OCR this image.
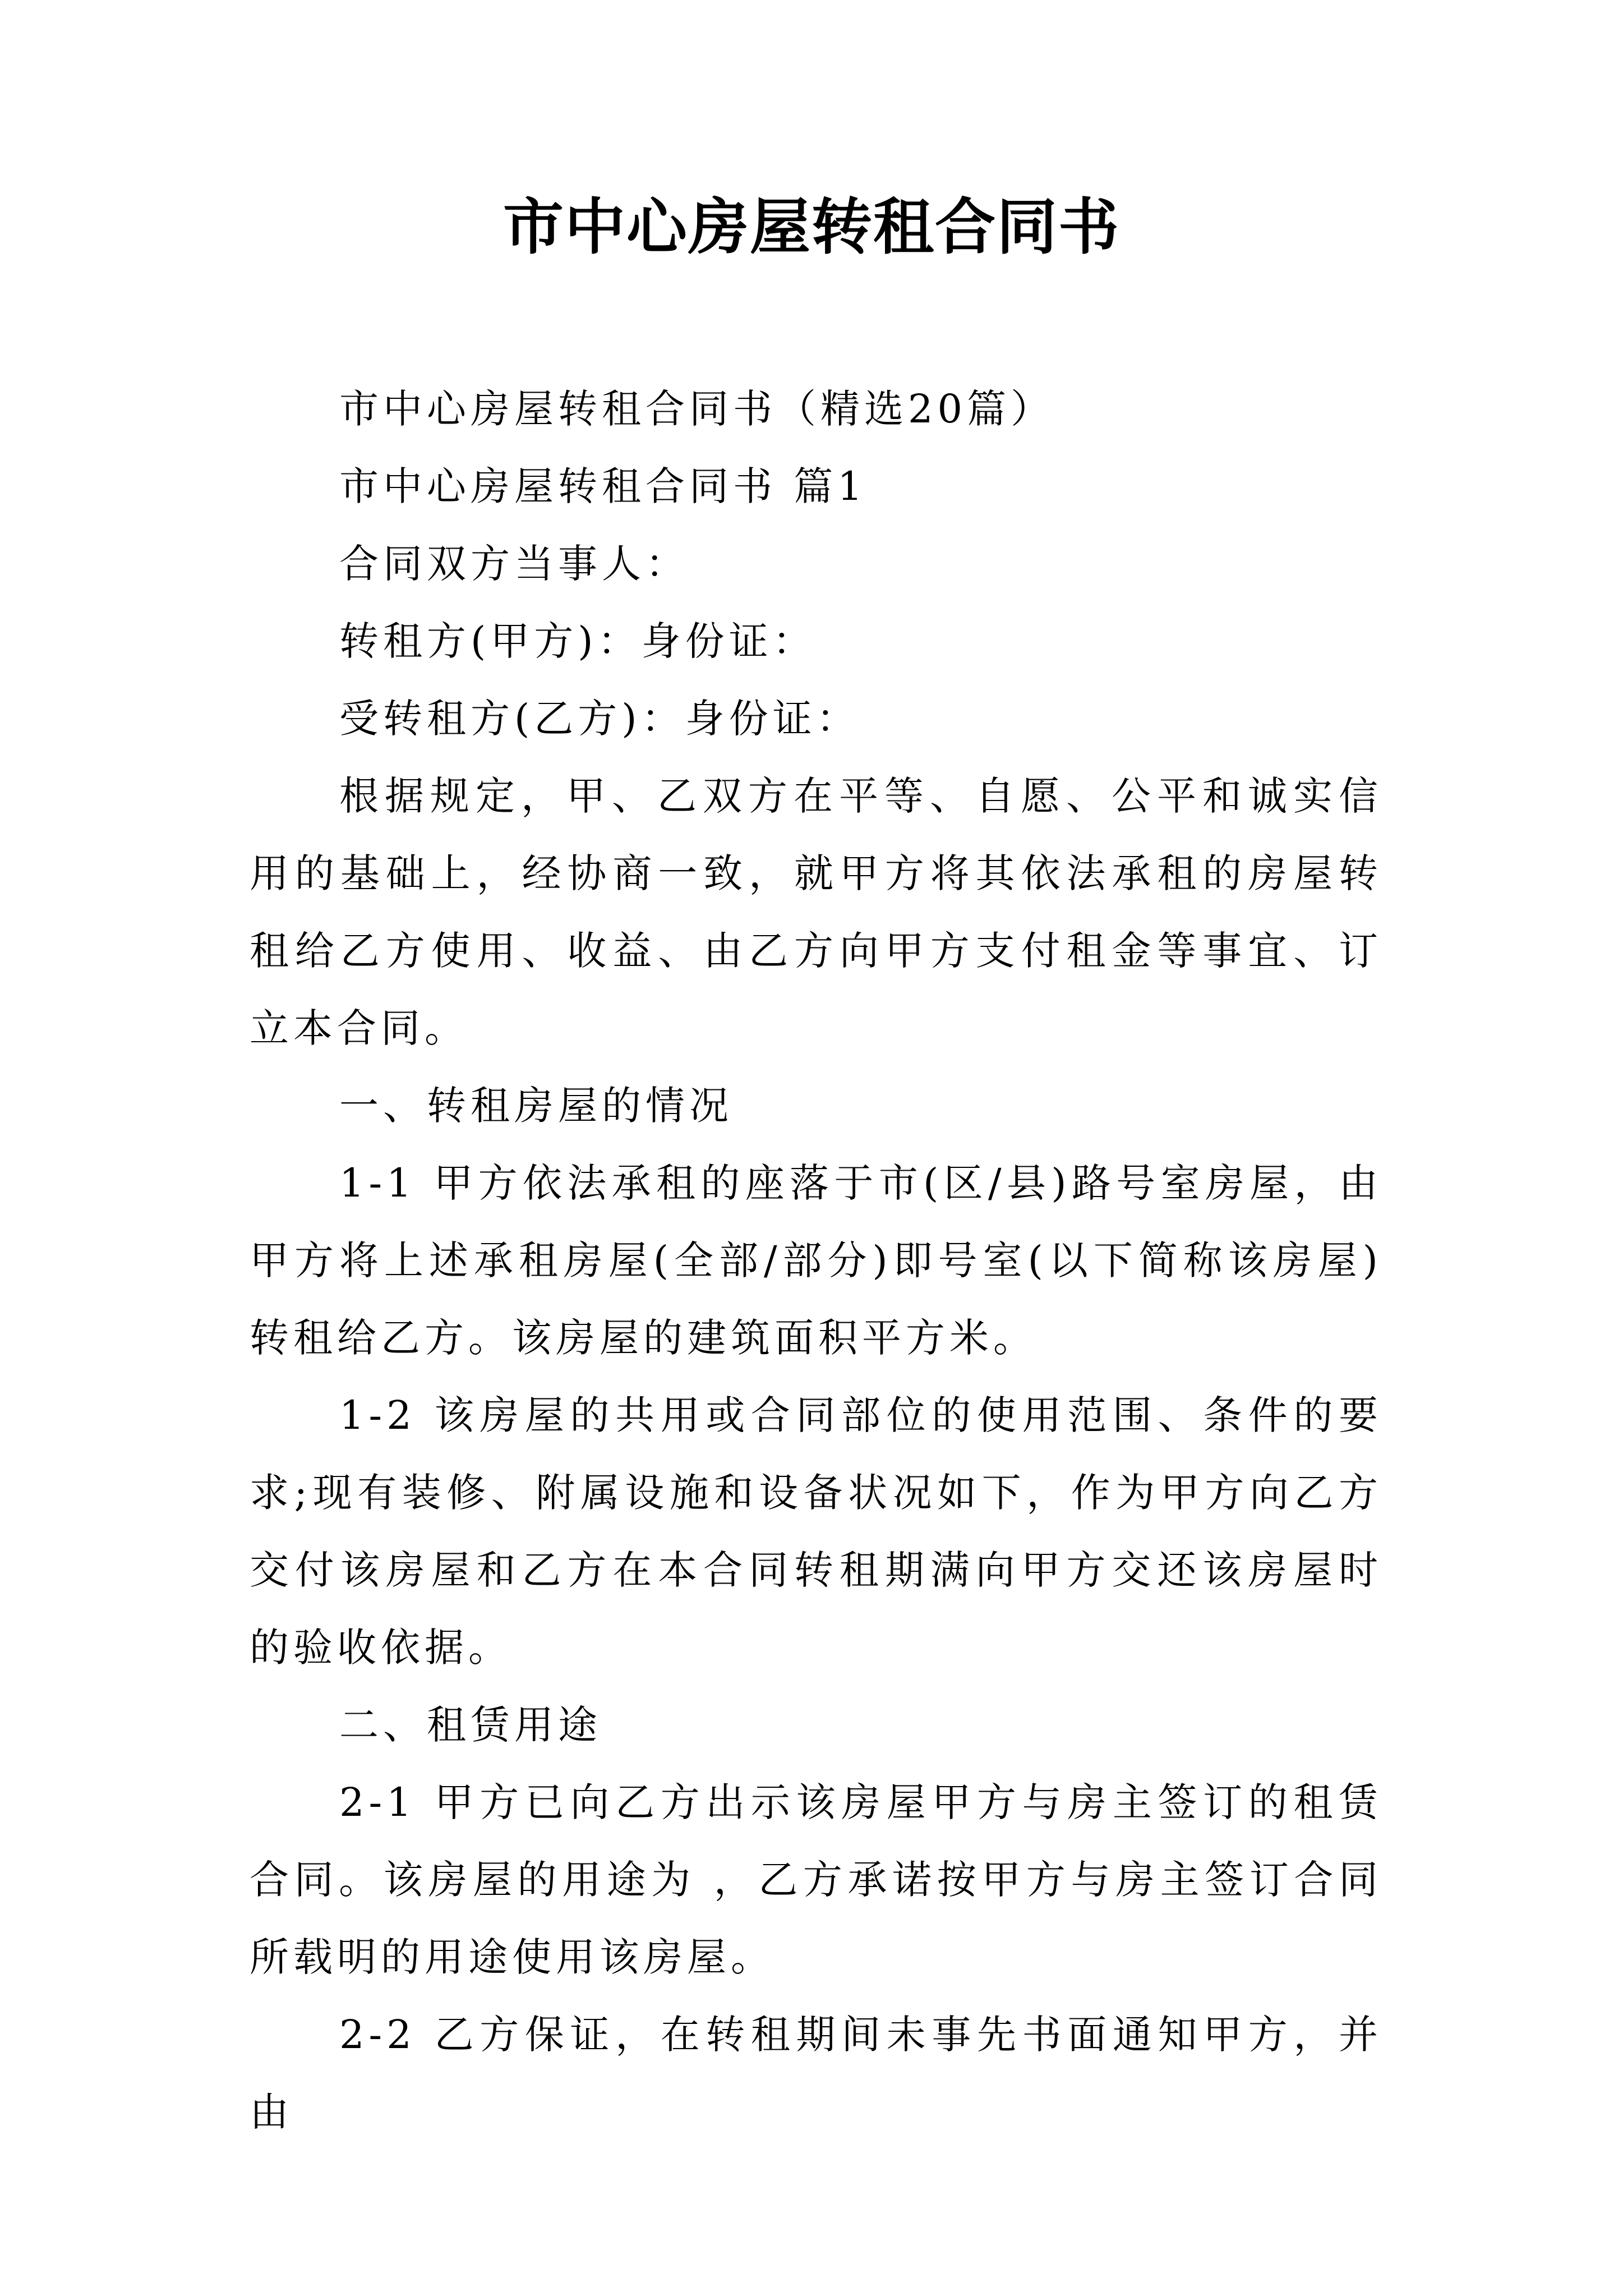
市中心房屋转租合同书

市中心房屋转租合同书（精选20篇）

市中心房屋转租合同书 篇1

合同双方当事人：

转租方(甲方)：身份证：

受转租方(乙方)：身份证：

根据规定，甲、乙双方在平等、自愿、公平和诚实信用的基础上，经协商一致，就甲方将其依法承租的房屋转租给乙方使用、收益、由乙方向甲方支付租金等事宜、订立本合同。

一、转租房屋的情况

1-1 甲方依法承租的座落于市(区/县)路号室房屋，由甲方将上述承租房屋(全部/部分)即号室(以下简称该房屋)转租给乙方。该房屋的建筑面积平方米。

1-2 该房屋的共用或合同部位的使用范围、条件的要求;现有装修、附属设施和设备状况如下，作为甲方向乙方交付该房屋和乙方在本合同转租期满向甲方交还该房屋时的验收依据。

二、租赁用途

2-1 甲方已向乙方出示该房屋甲方与房主签订的租赁合同。该房屋的用途为 ，乙方承诺按甲方与房主签订合同所载明的用途使用该房屋。

2-2 乙方保证，在转租期间未事先书面通知甲方，并由
